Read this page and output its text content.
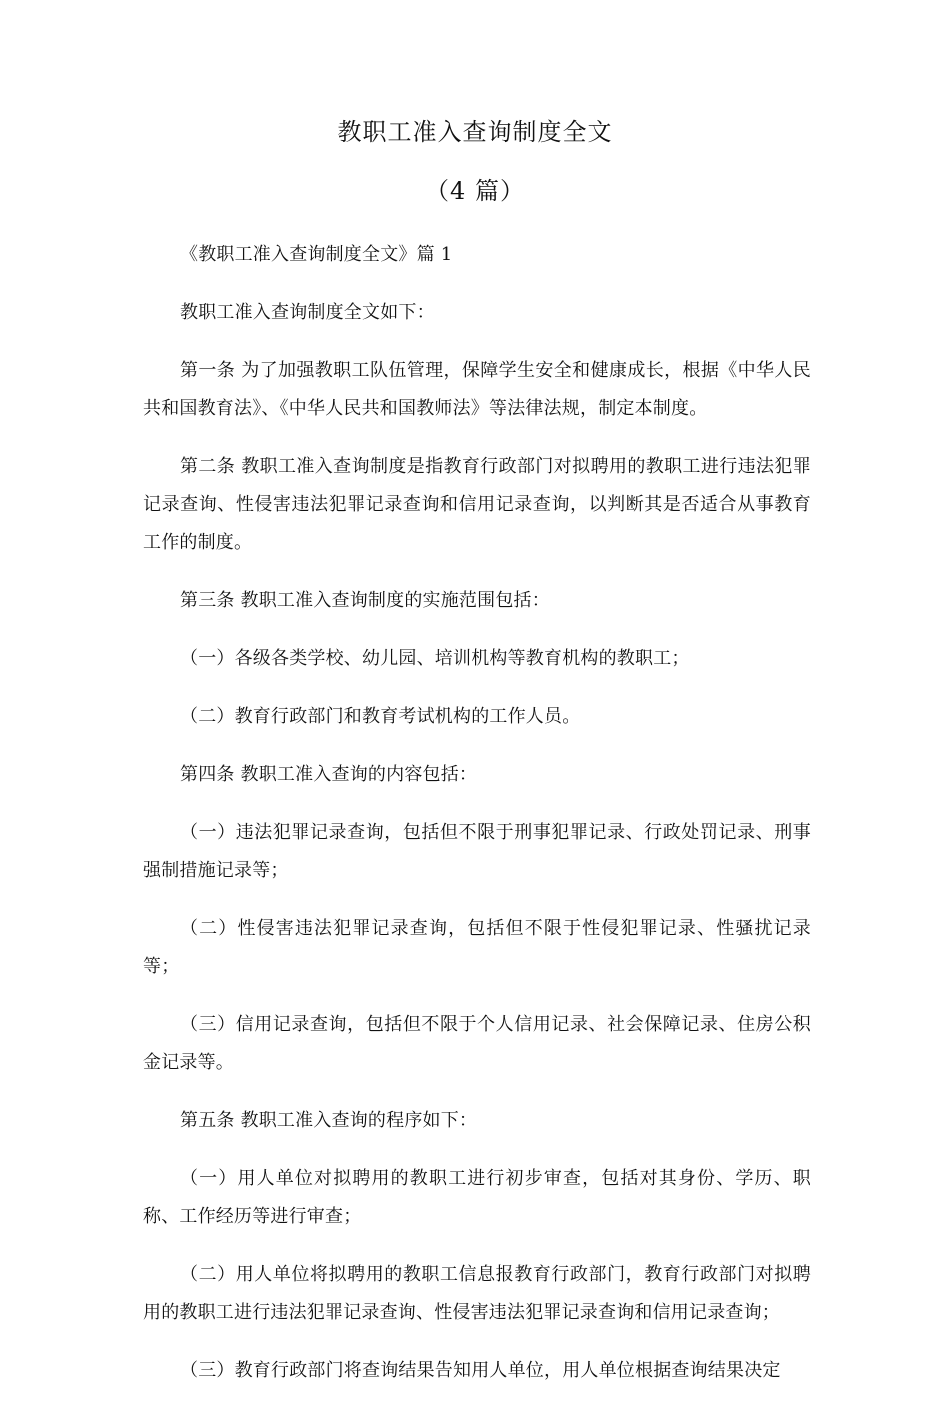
教职工准入查询制度全文
（4 篇）

《教职工准入查询制度全文》篇 1

教职工准入查询制度全文如下：

第一条 为了加强教职工队伍管理，保障学生安全和健康成长，根据《中华人民共和国教育法》、《中华人民共和国教师法》等法律法规，制定本制度。

第二条 教职工准入查询制度是指教育行政部门对拟聘用的教职工进行违法犯罪记录查询、性侵害违法犯罪记录查询和信用记录查询，以判断其是否适合从事教育工作的制度。

第三条 教职工准入查询制度的实施范围包括：

（一）各级各类学校、幼儿园、培训机构等教育机构的教职工；

（二）教育行政部门和教育考试机构的工作人员。

第四条 教职工准入查询的内容包括：

（一）违法犯罪记录查询，包括但不限于刑事犯罪记录、行政处罚记录、刑事强制措施记录等；

（二）性侵害违法犯罪记录查询，包括但不限于性侵犯罪记录、性骚扰记录等；

（三）信用记录查询，包括但不限于个人信用记录、社会保障记录、住房公积金记录等。

第五条 教职工准入查询的程序如下：

（一）用人单位对拟聘用的教职工进行初步审查，包括对其身份、学历、职称、工作经历等进行审查；

（二）用人单位将拟聘用的教职工信息报教育行政部门，教育行政部门对拟聘用的教职工进行违法犯罪记录查询、性侵害违法犯罪记录查询和信用记录查询；

（三）教育行政部门将查询结果告知用人单位，用人单位根据查询结果决定
